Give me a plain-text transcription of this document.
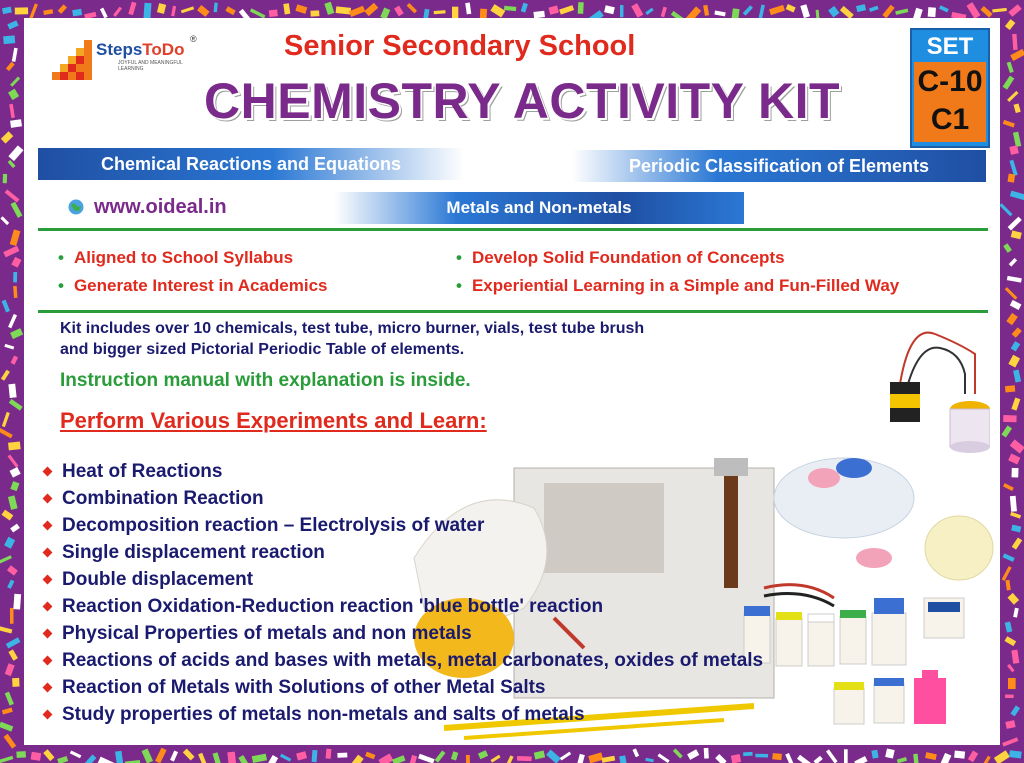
StepsToDo
JOYFUL AND MEANINGFUL LEARNING
®	Senior Secondary School
CHEMISTRY ACTIVITY KIT
SET
C-10
C1
Chemical Reactions and Equations	Periodic Classification of Elements
www.oideal.in	Metals and Non-metals
• Aligned to School Syllabus
• Generate Interest in Academics
• Develop Solid Foundation of Concepts
• Experiential Learning in a Simple and Fun-Filled Way
Kit includes over 10 chemicals, test tube, micro burner, vials, test tube brush
and bigger sized Pictorial Periodic Table of elements.
Instruction manual with explanation is inside.
Perform Various Experiments and Learn:
Heat of Reactions
Combination Reaction
Decomposition reaction – Electrolysis of water
Single displacement reaction
Double displacement
Reaction Oxidation-Reduction reaction 'blue bottle' reaction
Physical Properties of metals and non metals
Reactions of acids and bases with metals, metal carbonates, oxides of metals
Reaction of Metals with Solutions of other Metal Salts
Study properties of metals non-metals and salts of metals
